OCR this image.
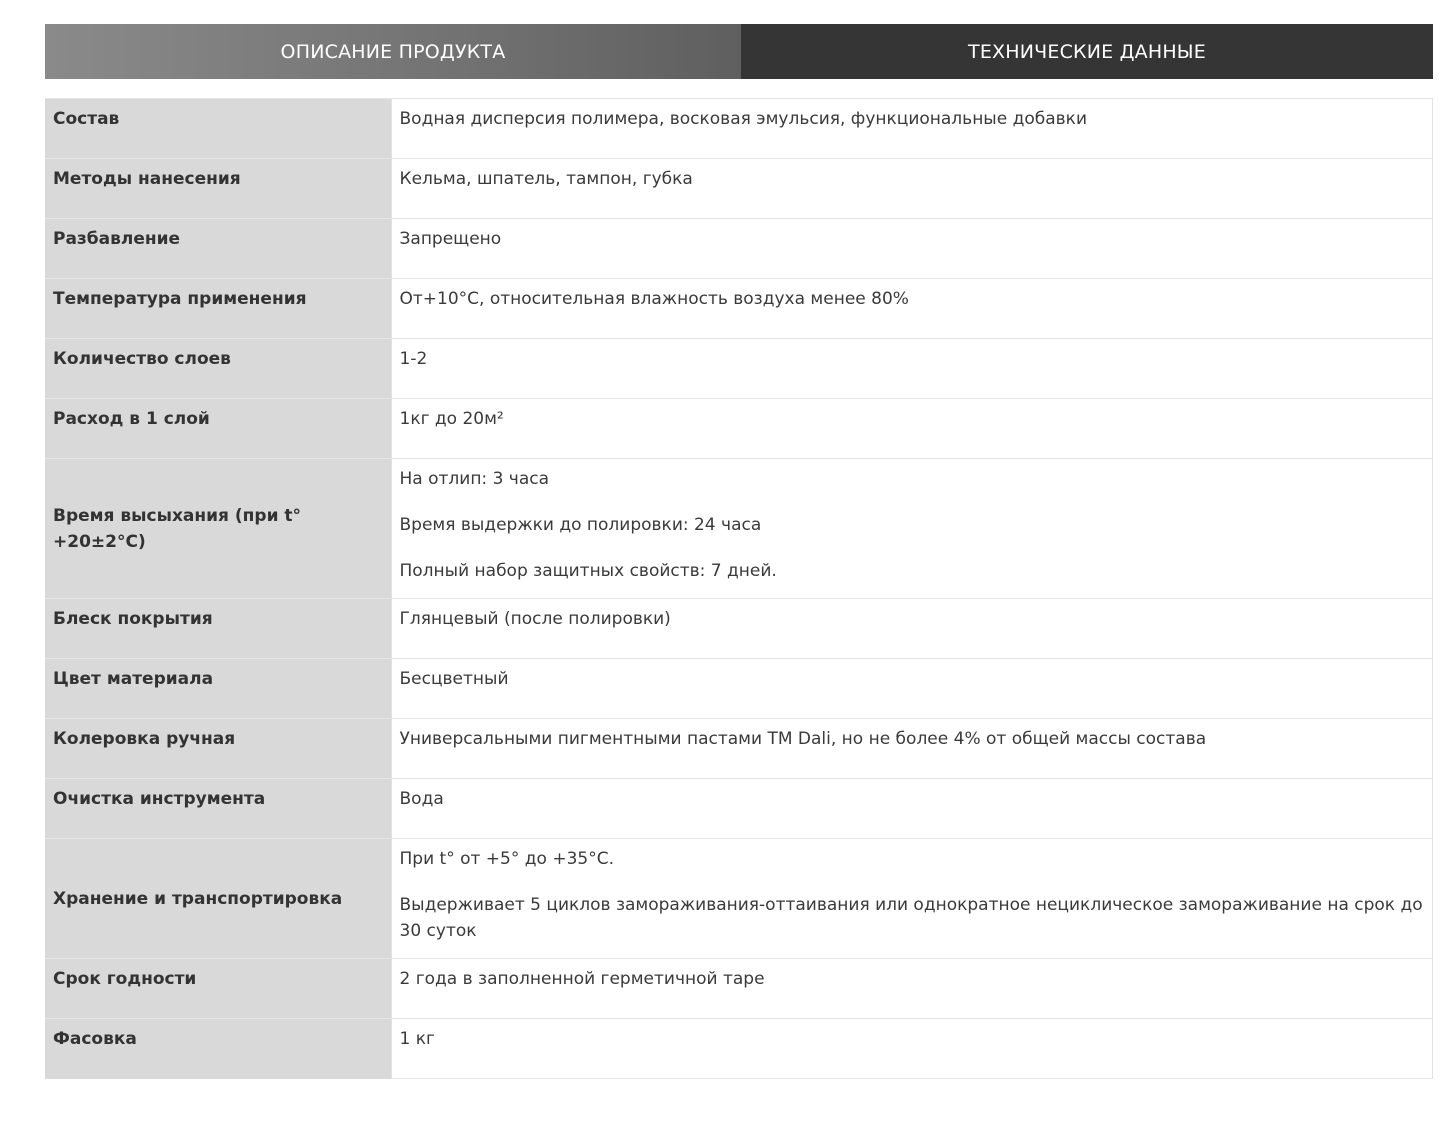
ОПИСАНИЕ ПРОДУКТА	ТЕХНИЧЕСКИЕ ДАННЫЕ
Состав	Водная дисперсия полимера, восковая эмульсия, функциональные добавки
Методы нанесения	Кельма, шпатель, тампон, губка
Разбавление	Запрещено
Температура применения	От+10°С, относительная влажность воздуха менее 80%
Количество слоев	1-2
Расход в 1 слой	1кг до 20м²
Время высыхания (при t° +20±2°С)	На отлип: 3 часа

Время выдержки до полировки: 24 часа

Полный набор защитных свойств: 7 дней.

Блеск покрытия	Глянцевый (после полировки)
Цвет материала	Бесцветный
Колеровка ручная	Универсальными пигментными пастами ТМ Dali, но не более 4% от общей массы состава
Очистка инструмента	Вода
Хранение и транспортировка	При t° от +5° до +35°С.

Выдерживает 5 циклов замораживания-оттаивания или однократное нециклическое замораживание на срок до 30 суток

Срок годности	2 года в заполненной герметичной таре
Фасовка	1 кг
